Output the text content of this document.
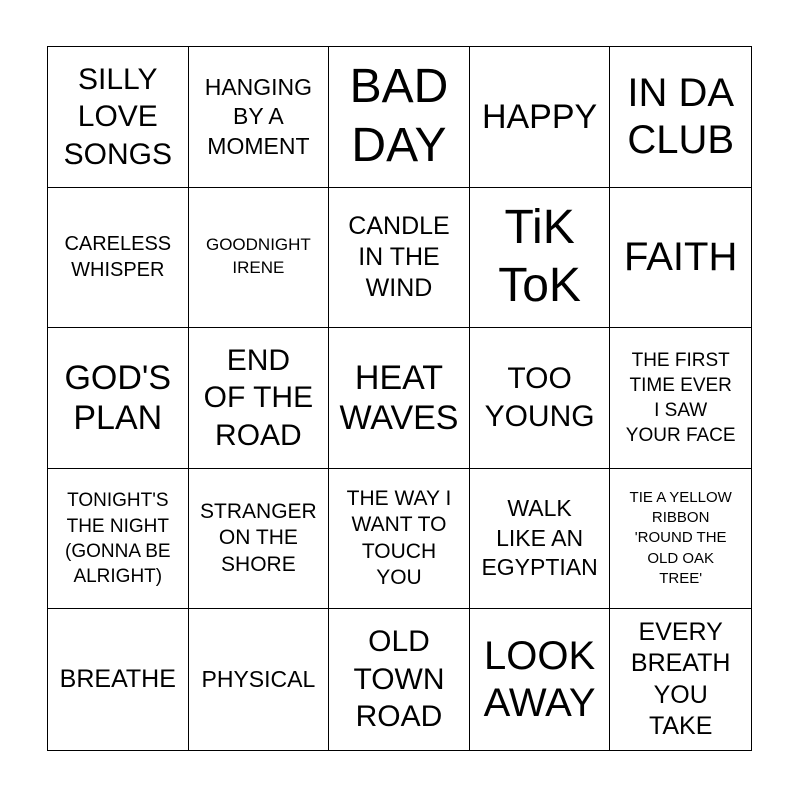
SILLY
LOVE
SONGS
HANGING
BY A
MOMENT
BAD
DAY
HAPPY
IN DA
CLUB
CARELESS
WHISPER
GOODNIGHT
IRENE
CANDLE
IN THE
WIND
TiK
ToK
FAITH
GOD'S
PLAN
END
OF THE
ROAD
HEAT
WAVES
TOO
YOUNG
THE FIRST
TIME EVER
I SAW
YOUR FACE
TONIGHT'S
THE NIGHT
(GONNA BE
ALRIGHT)
STRANGER
ON THE
SHORE
THE WAY I
WANT TO
TOUCH
YOU
WALK
LIKE AN
EGYPTIAN
TIE A YELLOW
RIBBON
'ROUND THE
OLD OAK
TREE'
BREATHE	PHYSICAL
OLD
TOWN
ROAD
LOOK
AWAY
EVERY
BREATH
YOU
TAKE
